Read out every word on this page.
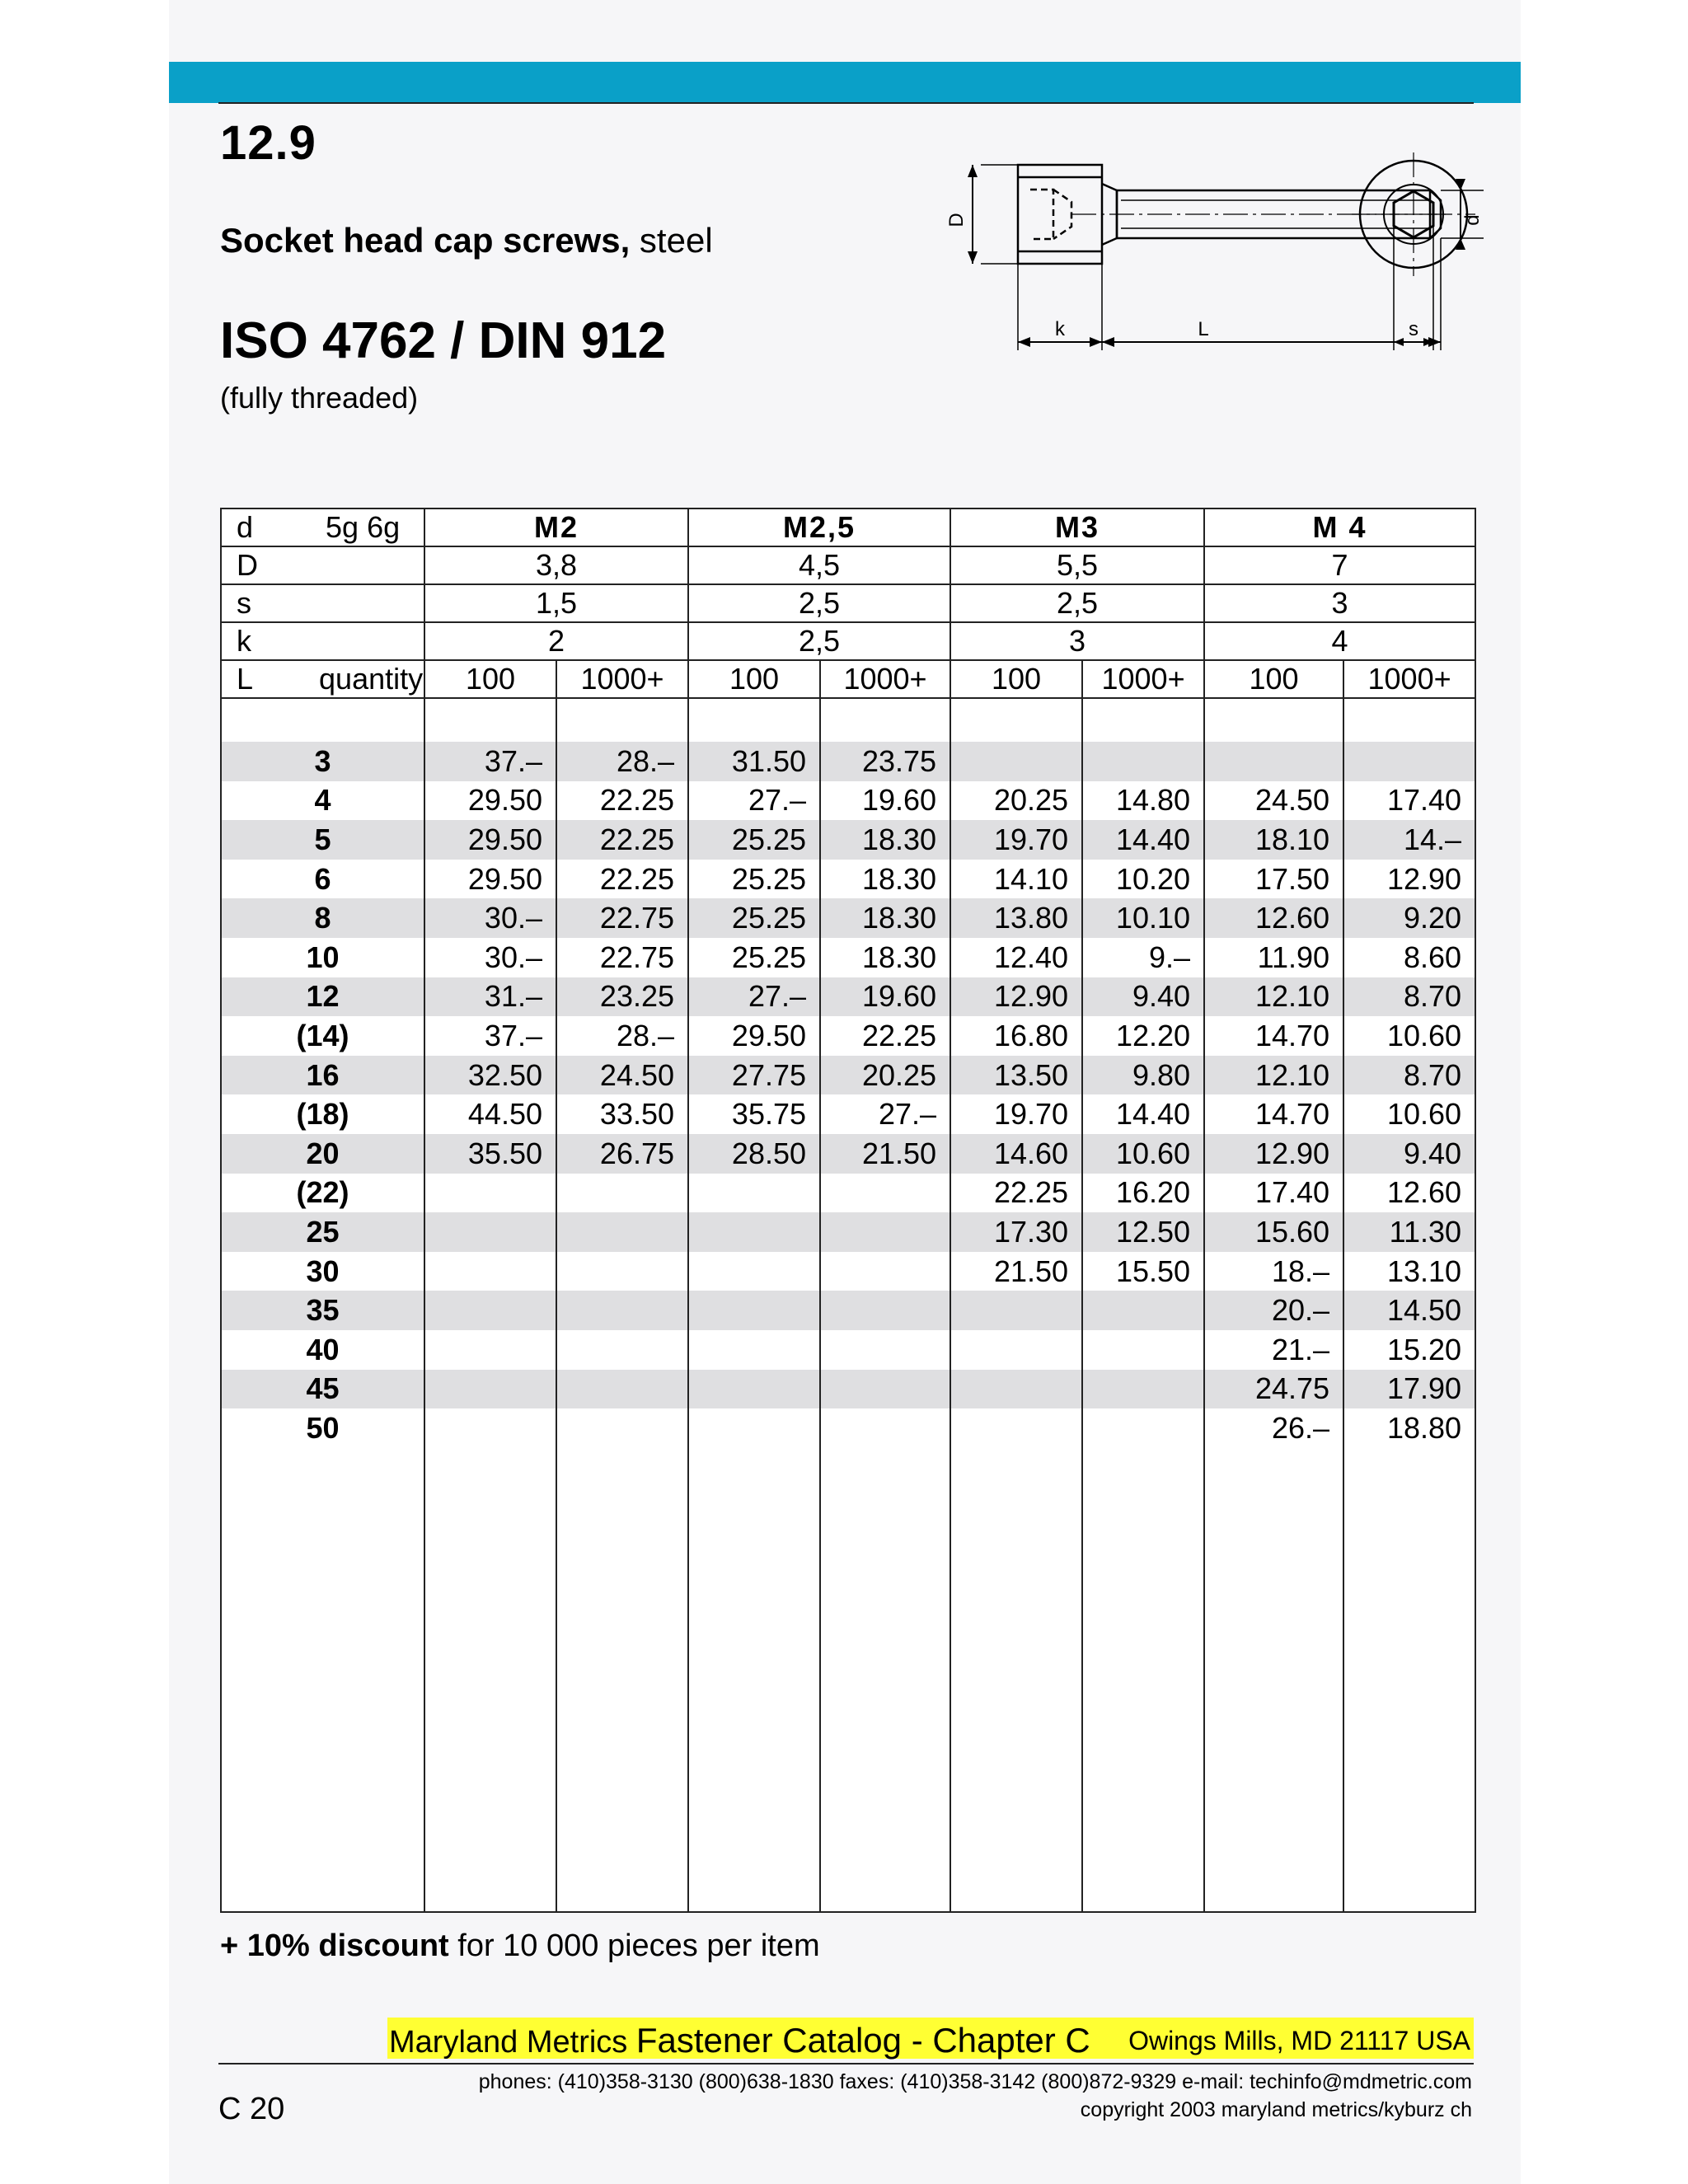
12.9
Socket head cap screws, steel
ISO 4762 / DIN 912
(fully threaded)
D	d
k	L	s
d 5g 6g	M2		M2,5		M3		M 4	
D	3,8		4,5		5,5		7	
s	1,5		2,5		2,5		3	
k	2		2,5		3		4	
L quantity	100	1000+	100	1000+	100	1000+	100	1000+

3	37.–	28.–	31.50	23.75				
4	29.50	22.25	27.–	19.60	20.25	14.80	24.50	17.40
5	29.50	22.25	25.25	18.30	19.70	14.40	18.10	14.–
6	29.50	22.25	25.25	18.30	14.10	10.20	17.50	12.90
8	30.–	22.75	25.25	18.30	13.80	10.10	12.60	9.20
10	30.–	22.75	25.25	18.30	12.40	9.–	11.90	8.60
12	31.–	23.25	27.–	19.60	12.90	9.40	12.10	8.70
(14)	37.–	28.–	29.50	22.25	16.80	12.20	14.70	10.60
16	32.50	24.50	27.75	20.25	13.50	9.80	12.10	8.70
(18)	44.50	33.50	35.75	27.–	19.70	14.40	14.70	10.60
20	35.50	26.75	28.50	21.50	14.60	10.60	12.90	9.40
(22)					22.25	16.20	17.40	12.60
25					17.30	12.50	15.60	11.30
30					21.50	15.50	18.–	13.10
35							20.–	14.50
40							21.–	15.20
45							24.75	17.90
50							26.–	18.80

+ 10% discount for 10 000 pieces per item
Maryland Metrics Fastener Catalog - Chapter C Owings Mills, MD 21117 USA
phones: (410)358-3130 (800)638-1830 faxes: (410)358-3142 (800)872-9329 e-mail: techinfo@mdmetric.com
copyright 2003 maryland metrics/kyburz ch
C 20
